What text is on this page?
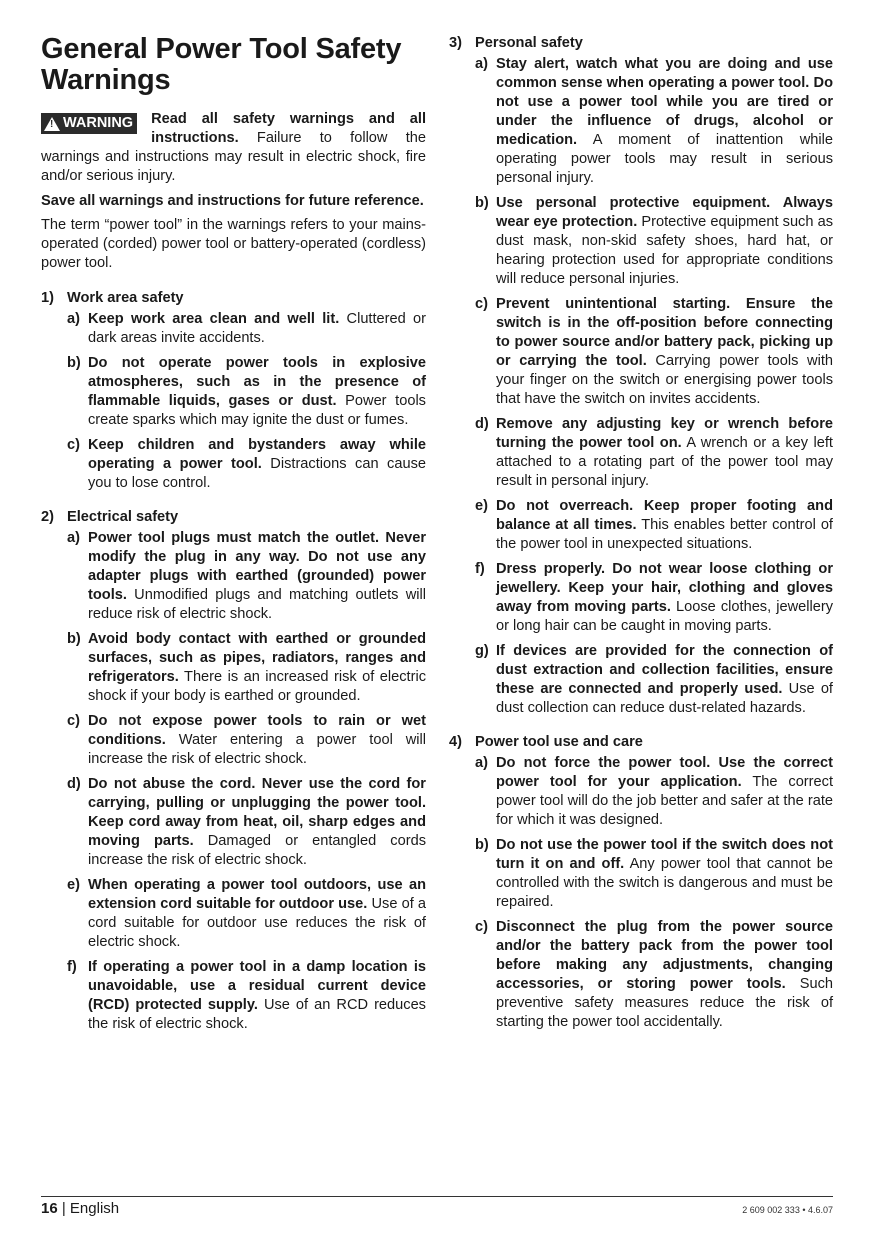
General Power Tool Safety Warnings

! WARNING Read all safety warnings and all instructions. Failure to follow the warnings and instructions may result in electric shock, fire and/or serious injury.

Save all warnings and instructions for future reference.

The term “power tool” in the warnings refers to your mains-operated (corded) power tool or battery-operated (cordless) power tool.

1) Work area safety
a) Keep work area clean and well lit. Cluttered or dark areas invite accidents.
b) Do not operate power tools in explosive atmospheres, such as in the presence of flammable liquids, gases or dust. Power tools create sparks which may ignite the dust or fumes.
c) Keep children and bystanders away while operating a power tool. Distractions can cause you to lose control.
2) Electrical safety
a) Power tool plugs must match the outlet. Never modify the plug in any way. Do not use any adapter plugs with earthed (grounded) power tools. Unmodified plugs and matching outlets will reduce risk of electric shock.
b) Avoid body contact with earthed or grounded surfaces, such as pipes, radiators, ranges and refrigerators. There is an increased risk of electric shock if your body is earthed or grounded.
c) Do not expose power tools to rain or wet conditions. Water entering a power tool will increase the risk of electric shock.
d) Do not abuse the cord. Never use the cord for carrying, pulling or unplugging the power tool. Keep cord away from heat, oil, sharp edges and moving parts. Damaged or entangled cords increase the risk of electric shock.
e) When operating a power tool outdoors, use an extension cord suitable for outdoor use. Use of a cord suitable for outdoor use reduces the risk of electric shock.
f) If operating a power tool in a damp location is unavoidable, use a residual current device (RCD) protected supply. Use of an RCD reduces the risk of electric shock.
3) Personal safety
a) Stay alert, watch what you are doing and use common sense when operating a power tool. Do not use a power tool while you are tired or under the influence of drugs, alcohol or medication. A moment of inattention while operating power tools may result in serious personal injury.
b) Use personal protective equipment. Always wear eye protection. Protective equipment such as dust mask, non-skid safety shoes, hard hat, or hearing protection used for appropriate conditions will reduce personal injuries.
c) Prevent unintentional starting. Ensure the switch is in the off-position before connecting to power source and/or battery pack, picking up or carrying the tool. Carrying power tools with your finger on the switch or energising power tools that have the switch on invites accidents.
d) Remove any adjusting key or wrench before turning the power tool on. A wrench or a key left attached to a rotating part of the power tool may result in personal injury.
e) Do not overreach. Keep proper footing and balance at all times. This enables better control of the power tool in unexpected situations.
f) Dress properly. Do not wear loose clothing or jewellery. Keep your hair, clothing and gloves away from moving parts. Loose clothes, jewellery or long hair can be caught in moving parts.
g) If devices are provided for the connection of dust extraction and collection facilities, ensure these are connected and properly used. Use of dust collection can reduce dust-related hazards.
4) Power tool use and care
a) Do not force the power tool. Use the correct power tool for your application. The correct power tool will do the job better and safer at the rate for which it was designed.
b) Do not use the power tool if the switch does not turn it on and off. Any power tool that cannot be controlled with the switch is dangerous and must be repaired.
c) Disconnect the plug from the power source and/or the battery pack from the power tool before making any adjustments, changing accessories, or storing power tools. Such preventive safety measures reduce the risk of starting the power tool accidentally.
16 | English	2 609 002 333 • 4.6.07
